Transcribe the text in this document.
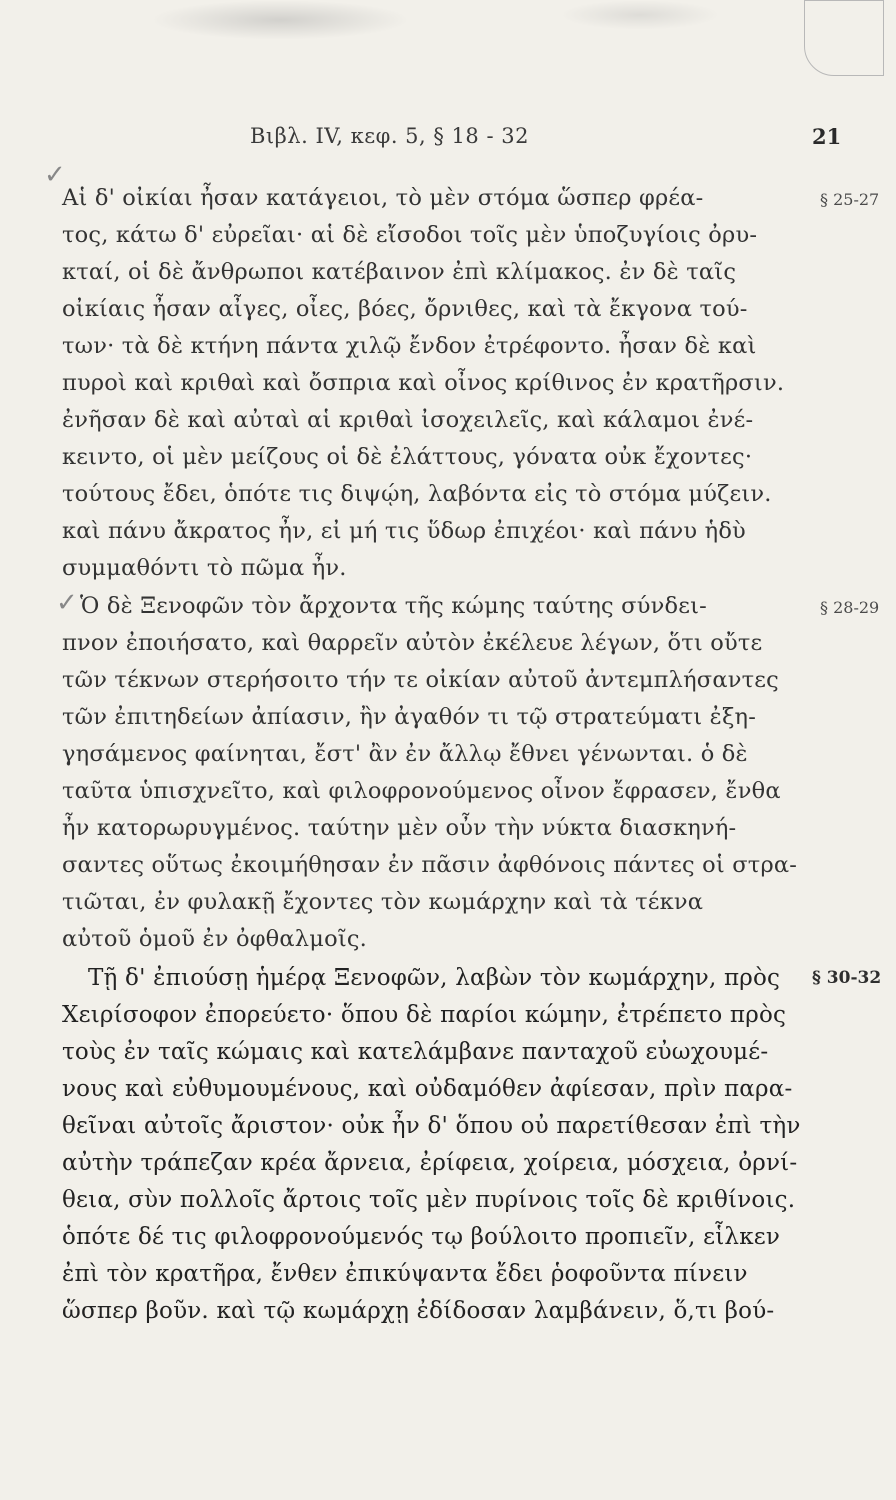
Βιβλ. IV, κεφ. 5, § 18 - 32	21
Αἱ δ' οἰκίαι ἦσαν κατάγειοι, τὸ μὲν στόμα ὥσπερ φρέα-
τος, κάτω δ' εὐρεῖαι· αἱ δὲ εἴσοδοι τοῖς μὲν ὑποζυγίοις ὀρυ-
κταί, οἱ δὲ ἄνθρωποι κατέβαινον ἐπὶ κλίμακος. ἐν δὲ ταῖς
οἰκίαις ἦσαν αἶγες, οἶες, βόες, ὄρνιθες, καὶ τὰ ἔκγονα τού-
των· τὰ δὲ κτήνη πάντα χιλῷ ἔνδον ἐτρέφοντο. ἦσαν δὲ καὶ
πυροὶ καὶ κριθαὶ καὶ ὄσπρια καὶ οἶνος κρίθινος ἐν κρατῆρσιν.
ἐνῆσαν δὲ καὶ αὐταὶ αἱ κριθαὶ ἰσοχειλεῖς, καὶ κάλαμοι ἐνέ-
κειντο, οἱ μὲν μείζους οἱ δὲ ἐλάττους, γόνατα οὐκ ἔχοντες·
τούτους ἔδει, ὁπότε τις διψῴη, λαβόντα εἰς τὸ στόμα μύζειν.
καὶ πάνυ ἄκρατος ἦν, εἰ μή τις ὕδωρ ἐπιχέοι· καὶ πάνυ ἡδὺ
συμμαθόντι τὸ πῶμα ἦν.
Ὁ δὲ Ξενοφῶν τὸν ἄρχοντα τῆς κώμης ταύτης σύνδει-
πνον ἐποιήσατο, καὶ θαρρεῖν αὐτὸν ἐκέλευε λέγων, ὅτι οὔτε
τῶν τέκνων στερήσοιτο τήν τε οἰκίαν αὐτοῦ ἀντεμπλήσαντες
τῶν ἐπιτηδείων ἀπίασιν, ἢν ἀγαθόν τι τῷ στρατεύματι ἐξη-
γησάμενος φαίνηται, ἔστ' ἂν ἐν ἄλλῳ ἔθνει γένωνται. ὁ δὲ
ταῦτα ὑπισχνεῖτο, καὶ φιλοφρονούμενος οἶνον ἔφρασεν, ἔνθα
ἦν κατορωρυγμένος. ταύτην μὲν οὖν τὴν νύκτα διασκηνή-
σαντες οὕτως ἐκοιμήθησαν ἐν πᾶσιν ἀφθόνοις πάντες οἱ στρα-
τιῶται, ἐν φυλακῇ ἔχοντες τὸν κωμάρχην καὶ τὰ τέκνα
αὐτοῦ ὁμοῦ ἐν ὀφθαλμοῖς.
Τῇ δ' ἐπιούσῃ ἡμέρᾳ Ξενοφῶν, λαβὼν τὸν κωμάρχην, πρὸς
Χειρίσοφον ἐπορεύετο· ὅπου δὲ παρίοι κώμην, ἐτρέπετο πρὸς
τοὺς ἐν ταῖς κώμαις καὶ κατελάμβανε πανταχοῦ εὐωχουμέ-
νους καὶ εὐθυμουμένους, καὶ οὐδαμόθεν ἀφίεσαν, πρὶν παρα-
θεῖναι αὐτοῖς ἄριστον· οὐκ ἦν δ' ὅπου οὐ παρετίθεσαν ἐπὶ τὴν
αὐτὴν τράπεζαν κρέα ἄρνεια, ἐρίφεια, χοίρεια, μόσχεια, ὀρνί-
θεια, σὺν πολλοῖς ἄρτοις τοῖς μὲν πυρίνοις τοῖς δὲ κριθίνοις.
ὁπότε δέ τις φιλοφρονούμενός τῳ βούλοιτο προπιεῖν, εἷλκεν
ἐπὶ τὸν κρατῆρα, ἔνθεν ἐπικύψαντα ἔδει ῥοφοῦντα πίνειν
ὥσπερ βοῦν. καὶ τῷ κωμάρχῃ ἐδίδοσαν λαμβάνειν, ὅ,τι βού-
§ 25-27
§ 28-29
§ 30-32
✓
✓
